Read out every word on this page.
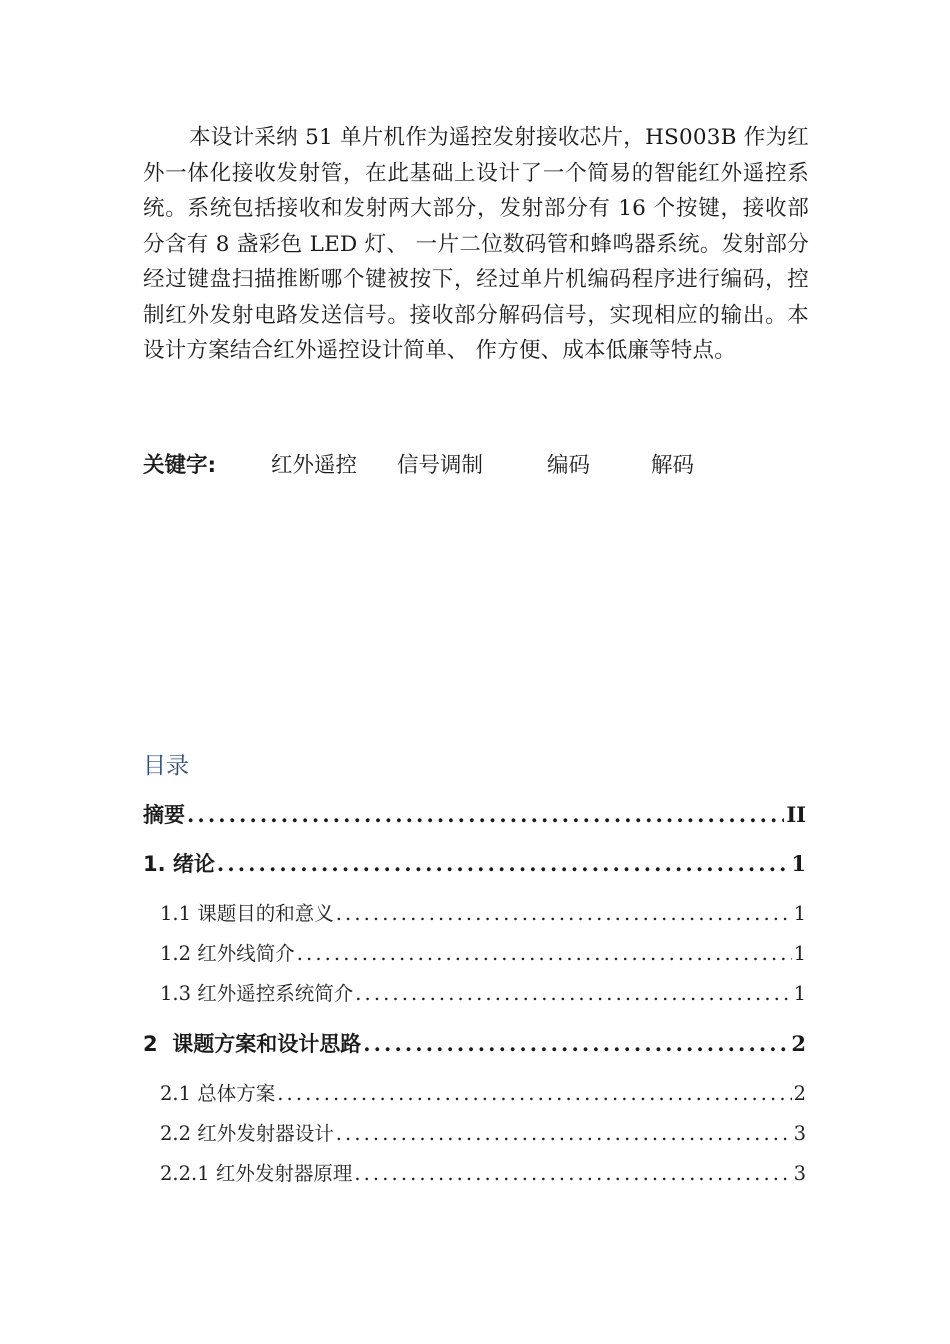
本设计采纳 51 单片机作为遥控发射接收芯片，HS003B 作为红外一体化接收发射管，在此基础上设计了一个简易的智能红外遥控系统。系统包括接收和发射两大部分，发射部分有 16 个按键，接收部分含有 8 盏彩色 LED 灯、 一片二位数码管和蜂鸣器系统。发射部分经过键盘扫描推断哪个键被按下，经过单片机编码程序进行编码，控制红外发射电路发送信号。接收部分解码信号，实现相应的输出。本设计方案结合红外遥控设计简单、 作方便、成本低廉等特点。

关键字:	红外遥控 信号调制	编码	解码
目录
摘要 .....	II
1. 绪论 .....	1
1.1 课题目的和意义 .....	1
1.2 红外线简介 .....	1
1.3 红外遥控系统简介 .....	1
2  课题方案和设计思路 .....	2
2.1 总体方案 .....	2
2.2 红外发射器设计 .....	3
2.2.1 红外发射器原理 .....	3
